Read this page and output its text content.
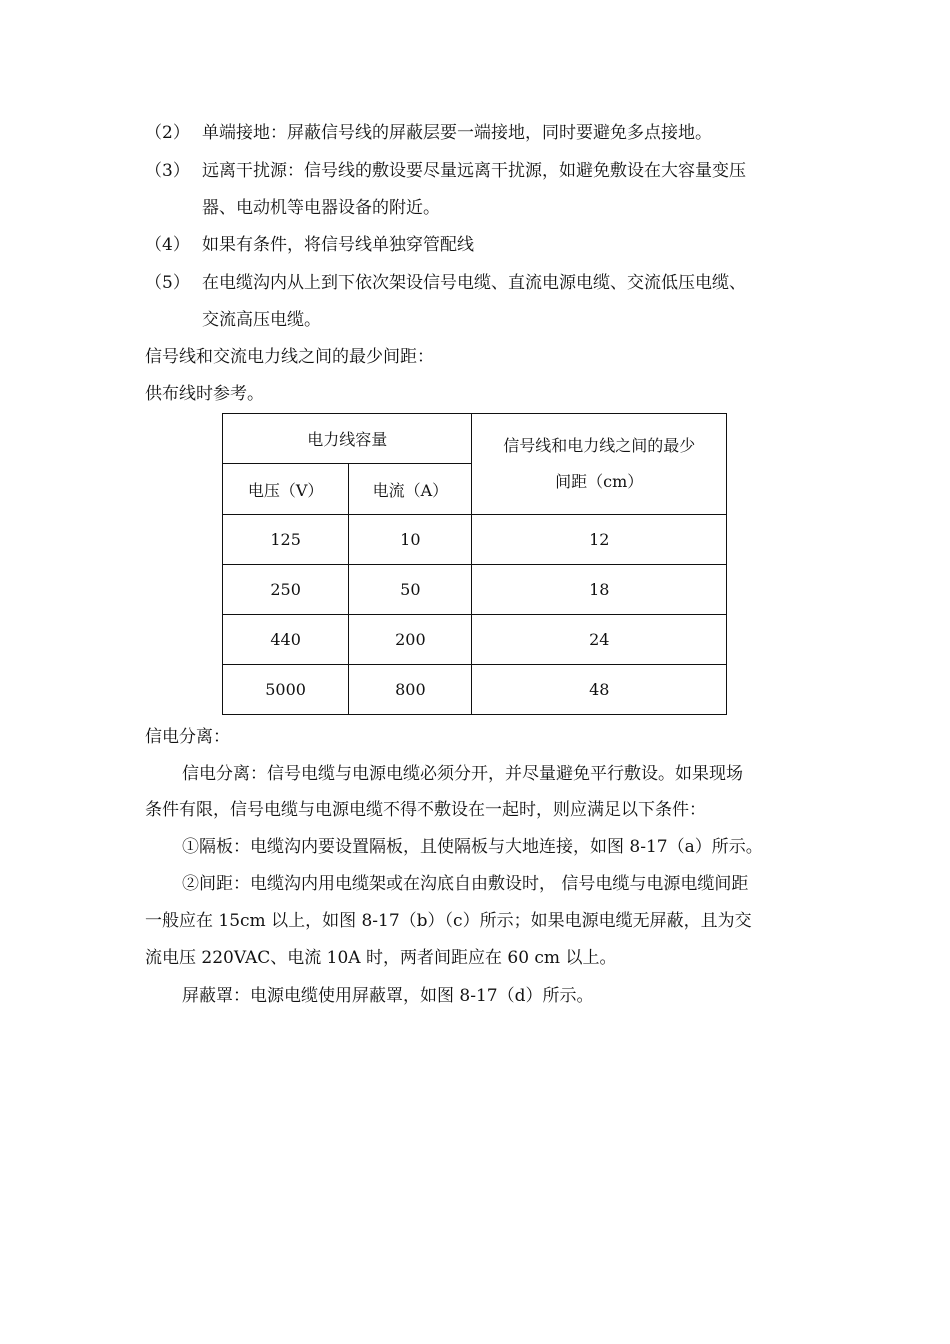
（2） 单端接地：屏蔽信号线的屏蔽层要一端接地，同时要避免多点接地。
（3） 远离干扰源：信号线的敷设要尽量远离干扰源，如避免敷设在大容量变压
器、电动机等电器设备的附近。
（4） 如果有条件，将信号线单独穿管配线
（5） 在电缆沟内从上到下依次架设信号电缆、直流电源电缆、交流低压电缆、
交流高压电缆。
信号线和交流电力线之间的最少间距：
供布线时参考。
电力线容量		信号线和电力线之间的最少
间距（cm）

电压（V）	电流（A）	
125	10	12
250	50	18
440	200	24
5000	800	48
信电分离：
信电分离：信号电缆与电源电缆必须分开，并尽量避免平行敷设。如果现场
条件有限，信号电缆与电源电缆不得不敷设在一起时，则应满足以下条件：
①隔板：电缆沟内要设置隔板，且使隔板与大地连接，如图 8-17（a）所示。
②间距：电缆沟内用电缆架或在沟底自由敷设时， 信号电缆与电源电缆间距
一般应在 15cm 以上，如图 8-17（b）（c）所示；如果电源电缆无屏蔽，且为交
流电压 220VAC、电流 10A 时，两者间距应在 60 cm 以上。
屏蔽罩：电源电缆使用屏蔽罩，如图 8-17（d）所示。
